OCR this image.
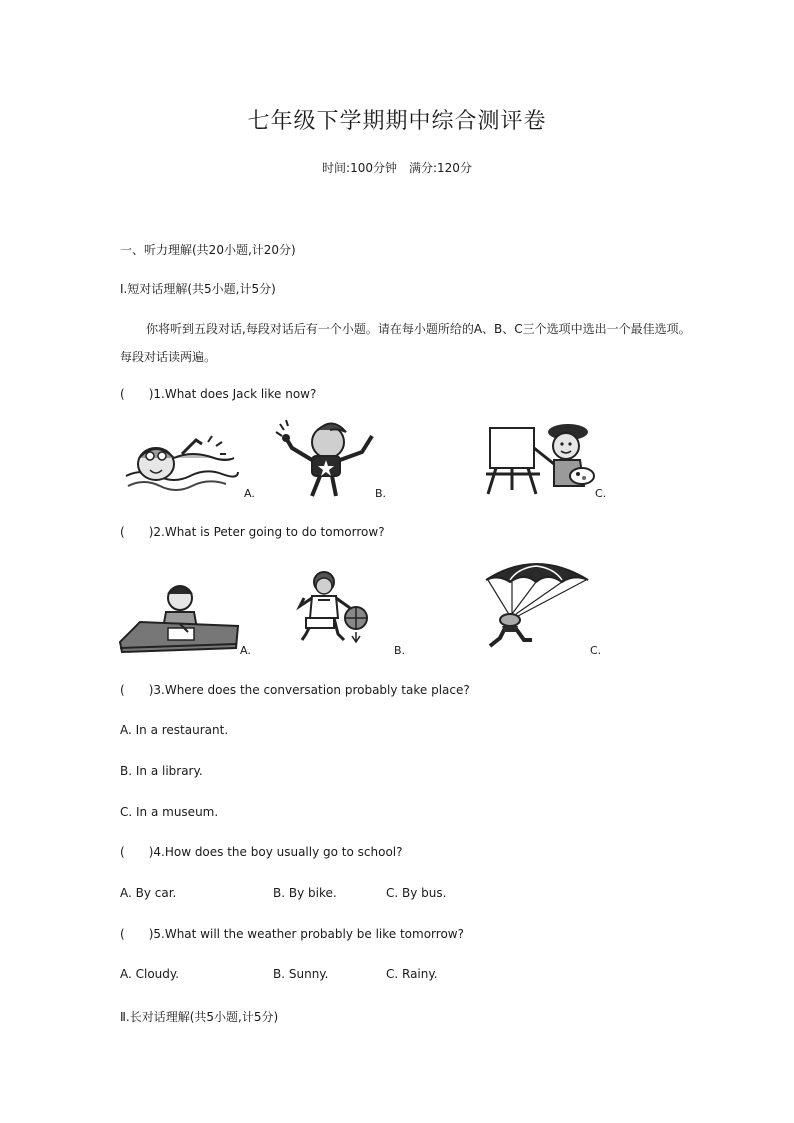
七年级下学期期中综合测评卷
时间:100分钟　满分:120分
一、听力理解(共20小题,计20分)
Ⅰ.短对话理解(共5小题,计5分)
你将听到五段对话,每段对话后有一个小题。请在每小题所给的A、B、C三个选项中选出一个最佳选项。
每段对话读两遍。
( )1.What does Jack like now?
A.	B.	C.
( )2.What is Peter going to do tomorrow?
A.	B.	C.
( )3.Where does the conversation probably take place?
A. In a restaurant.
B. In a library.
C. In a museum.
( )4.How does the boy usually go to school?
A. By car.	B. By bike.	C. By bus.
( )5.What will the weather probably be like tomorrow?
A. Cloudy.	B. Sunny.	C. Rainy.
Ⅱ.长对话理解(共5小题,计5分)
